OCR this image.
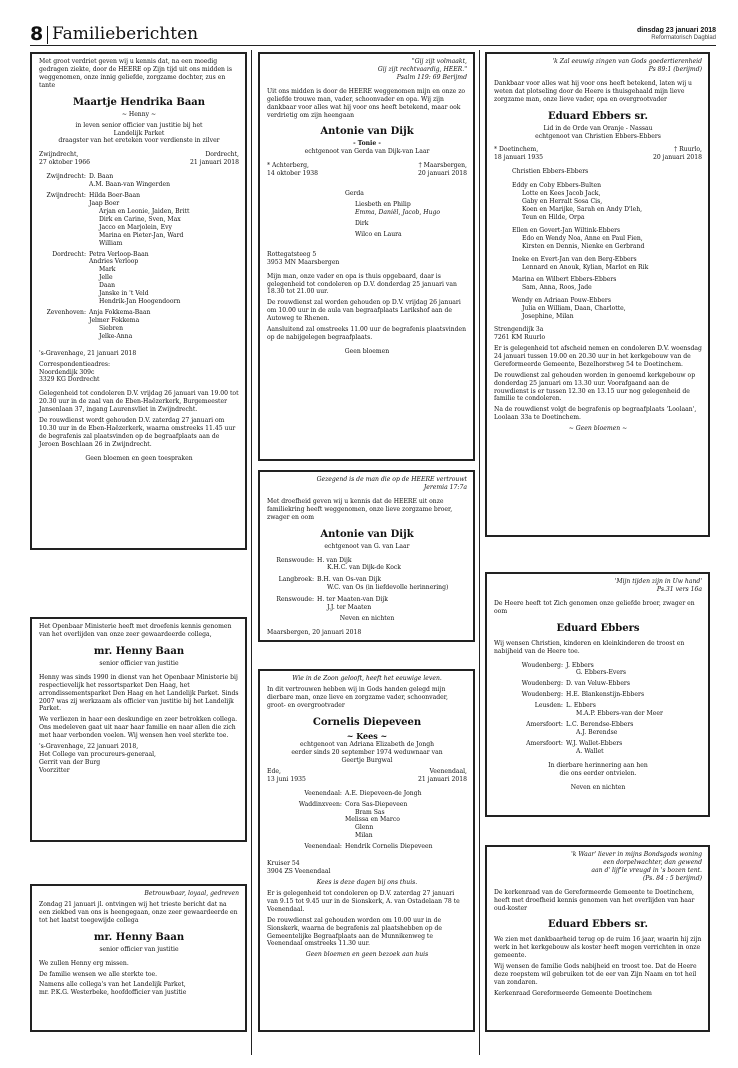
8 Familieberichten	dinsdag 23 januari 2018
Reformatorisch Dagblad

Met groot verdriet geven wij u kennis dat, na een moedig gedragen ziekte, door de HEERE op Zijn tijd uit ons midden is weggenomen, onze innig geliefde, zorgzame dochter, zus en tante

Maartje Hendrika Baan
~ Henny ~
in leven senior officier van justitie bij het
Landelijk Parket
draagster van het ereteken voor verdienste in zilver
Zwijndrecht,	Dordrecht,
27 oktober 1966	21 januari 2018
Zwijndrecht: D. Baan
A.M. Baan-van Wingerden
Zwijndrecht: Hilda Boer-Baan
Jaap Boer
Arjan en Leonie, Jaiden, Britt
Dirk en Carine, Sven, Max
Jacco en Marjolein, Evy
Marina en Pieter-Jan, Ward
William
Dordrecht: Petra Verloop-Baan
Andries Verloop
Mark
Jelle
Daan
Janske in 't Veld
Hendrik-Jan Hoogendoorn
Zevenhoven: Anja Fokkema-Baan
Jelmer Fokkema
Siebren
Jelke-Anna

's-Gravenhage, 21 januari 2018

Correspondentieadres:
Noordendijk 309c
3329 KG Dordrecht

Gelegenheid tot condoleren D.V. vrijdag 26 januari van 19.00 tot 20.30 uur in de zaal van de Eben-Haëzerkerk, Burgemeester Jansenlaan 37, ingang Laurensvliet in Zwijndrecht.

De rouwdienst wordt gehouden D.V. zaterdag 27 januari om 10.30 uur in de Eben-Haëzerkerk, waarna omstreeks 11.45 uur de begrafenis zal plaatsvinden op de begraafplaats aan de Jeroen Boschlaan 26 in Zwijndrecht.

Geen bloemen en geen toespraken

Het Openbaar Ministerie heeft met droefenis kennis genomen van het overlijden van onze zeer gewaardeerde collega,

mr. Henny Baan
senior officier van justitie

Henny was sinds 1990 in dienst van het Openbaar Ministerie bij respectievelijk het ressortsparket Den Haag, het arrondissementsparket Den Haag en het Landelijk Parket. Sinds 2007 was zij werkzaam als officier van justitie bij het Landelijk Parket.

We verliezen in haar een deskundige en zeer betrokken collega. Ons medeleven gaat uit naar haar familie en naar allen die zich met haar verbonden voelen. Wij wensen hen veel sterkte toe.

's-Gravenhage, 22 januari 2018,
Het College van procureurs-generaal,
Gerrit van der Burg
Voorzitter
Betrouwbaar, loyaal, gedreven

Zondag 21 januari jl. ontvingen wij het trieste bericht dat na een ziekbed van ons is heengegaan, onze zeer gewaardeerde en tot het laatst toegewijde collega

mr. Henny Baan
senior officier van justitie

We zullen Henny erg missen.

De familie wensen we alle sterkte toe.

Namens alle collega's van het Landelijk Parket,
mr. P.K.G. Westerbeke, hoofdofficier van justitie
"Gij zijt volmaakt,
Gij zijt rechtvaardig, HEER."
Psalm 119: 69 Berijmd

Uit ons midden is door de HEERE weggenomen mijn en onze zo geliefde trouwe man, vader, schoonvader en opa. Wij zijn dankbaar voor alles wat hij voor ons heeft betekend, maar ook verdrietig om zijn heengaan

Antonie van Dijk
- Tonie -
echtgenoot van Gerda van Dijk-van Laar
* Achterberg,	† Maarsbergen,
14 oktober 1938	20 januari 2018
Gerda
Liesbeth en Philip
Emma, Daniël, Jacob, Hugo
Dirk
Wilco en Laura
Rottegatsteeg 5
3953 MN Maarsbergen

Mijn man, onze vader en opa is thuis opgebaard, daar is gelegenheid tot condoleren op D.V. donderdag 25 januari van 18.30 tot 21.00 uur.

De rouwdienst zal worden gehouden op D.V. vrijdag 26 januari om 10.00 uur in de aula van begraafplaats Larikshof aan de Autoweg te Rhenen.

Aansluitend zal omstreeks 11.00 uur de begrafenis plaatsvinden op de nabijgelegen begraafplaats.

Geen bloemen
Gezegend is de man die op de HEERE vertrouwt
Jeremia 17:7a

Met droefheid geven wij u kennis dat de HEERE uit onze familiekring heeft weggenomen, onze lieve zorgzame broer, zwager en oom

Antonie van Dijk
echtgenoot van G. van Laar
Renswoude: H. van Dijk
K.H.C. van Dijk-de Kock
Langbroek: B.H. van Os-van Dijk
W.C. van Os (in liefdevolle herinnering)
Renswoude: H. ter Maaten-van Dijk
J.J. ter Maaten
Neven en nichten
Maarsbergen, 20 januari 2018
Wie in de Zoon gelooft, heeft het eeuwige leven.

In dit vertrouwen hebben wij in Gods handen gelegd mijn dierbare man, onze lieve en zorgzame vader, schoonvader, groot- en overgrootvader

Cornelis Diepeveen
~ Kees ~
echtgenoot van Adriana Elizabeth de Jongh
eerder sinds 20 september 1974 weduwnaar van
Geertje Burgwal
Ede,	Veenendaal,
13 juni 1935	21 januari 2018
Veenendaal: A.E. Diepeveen-de Jongh
Waddinxveen: Cora Sas-Diepeveen
Bram Sas
Melissa en Marco
Glenn
Milan
Veenendaal: Hendrik Cornelis Diepeveen
Kruiser 54
3904 ZS Veenendaal
Kees is deze dagen bij ons thuis.

Er is gelegenheid tot condoleren op D.V. zaterdag 27 januari van 9.15 tot 9.45 uur in de Sionskerk, A. van Ostadelaan 78 te Veenendaal.

De rouwdienst zal gehouden worden om 10.00 uur in de Sionskerk, waarna de begrafenis zal plaatshebben op de Gemeentelijke Begraafplaats aan de Munnikenweg te Veenendaal omstreeks 11.30 uur.

Geen bloemen en geen bezoek aan huis
'k Zal eeuwig zingen van Gods goedertierenheid
Ps 89:1 (berijmd)

Dankbaar voor alles wat hij voor ons heeft betekend, laten wij u weten dat plotseling door de Heere is thuisgehaald mijn lieve zorgzame man, onze lieve vader, opa en overgrootvader

Eduard Ebbers sr.
Lid in de Orde van Oranje - Nassau
echtgenoot van Christien Ebbers-Ebbers
* Doetinchem,	† Ruurlo,
18 januari 1935	20 januari 2018
Christien Ebbers-Ebbers
Eddy en Coby Ebbers-Bulten
Lotte en Kees Jacob Jack,
Gaby en Herralt Sosa Cis,
Koen en Marijke, Sarah en Andy D'leh,
Teun en Hilde, Orpa
Ellen en Govert-Jan Wiltink-Ebbers
Edo en Wendy Noa, Anne en Paul Fien,
Kirsten en Dennis, Nienke en Gerbrand
Ineke en Evert-Jan van den Berg-Ebbers
Lennard en Anouk, Kylian, Marlot en Rik
Marina en Wilbert Ebbers-Ebbers
Sam, Anna, Roos, Jade
Wendy en Adriaan Pouw-Ebbers
Julia en William, Daan, Charlotte,
Josephine, Milan
Strengendijk 3a
7261 KM Ruurlo

Er is gelegenheid tot afscheid nemen en condoleren D.V. woensdag 24 januari tussen 19.00 en 20.30 uur in het kerkgebouw van de Gereformeerde Gemeente, Bezelhorstweg 54 te Doetinchem.

De rouwdienst zal gehouden worden in genoemd kerkgebouw op donderdag 25 januari om 13.30 uur. Voorafgaand aan de rouwdienst is er tussen 12.30 en 13.15 uur nog gelegenheid de familie te condoleren.

Na de rouwdienst volgt de begrafenis op begraafplaats 'Loolaan', Loolaan 33a te Doetinchem.

~ Geen bloemen ~
'Mijn tijden zijn in Uw hand'
Ps.31 vers 16a

De Heere heeft tot Zich genomen onze geliefde broer, zwager en oom

Eduard Ebbers

Wij wensen Christien, kinderen en kleinkinderen de troost en nabijheid van de Heere toe.

Woudenberg: J. Ebbers
G. Ebbers-Evers
Woudenberg: D. van Veluw-Ebbers
Woudenberg: H.E. Blankenstijn-Ebbers
Leusden: L. Ebbers
M.A.P. Ebbers-van der Meer
Amersfoort: L.C. Berendse-Ebbers
A.J. Berendse
Amersfoort: W.J. Wallet-Ebbers
A. Wallet
In dierbare herinnering aan hen
die ons eerder ontvielen.
Neven en nichten
'k Waar' liever in mijns Bondsgods woning
een dorpelwachter, dan gewend
aan d' lijf'le vreugd in 's bozen tent.
(Ps. 84 : 5 berijmd)

De kerkenraad van de Gereformeerde Gemeente te Doetinchem, heeft met droefheid kennis genomen van het overlijden van haar oud-koster

Eduard Ebbers sr.

We zien met dankbaarheid terug op de ruim 16 jaar, waarin hij zijn werk in het kerkgebouw als koster heeft mogen verrichten in onze gemeente.

Wij wensen de familie Gods nabijheid en troost toe. Dat de Heere deze roepstem wil gebruiken tot de eer van Zijn Naam en tot heil van zondaren.

Kerkenraad Gereformeerde Gemeente Doetinchem
